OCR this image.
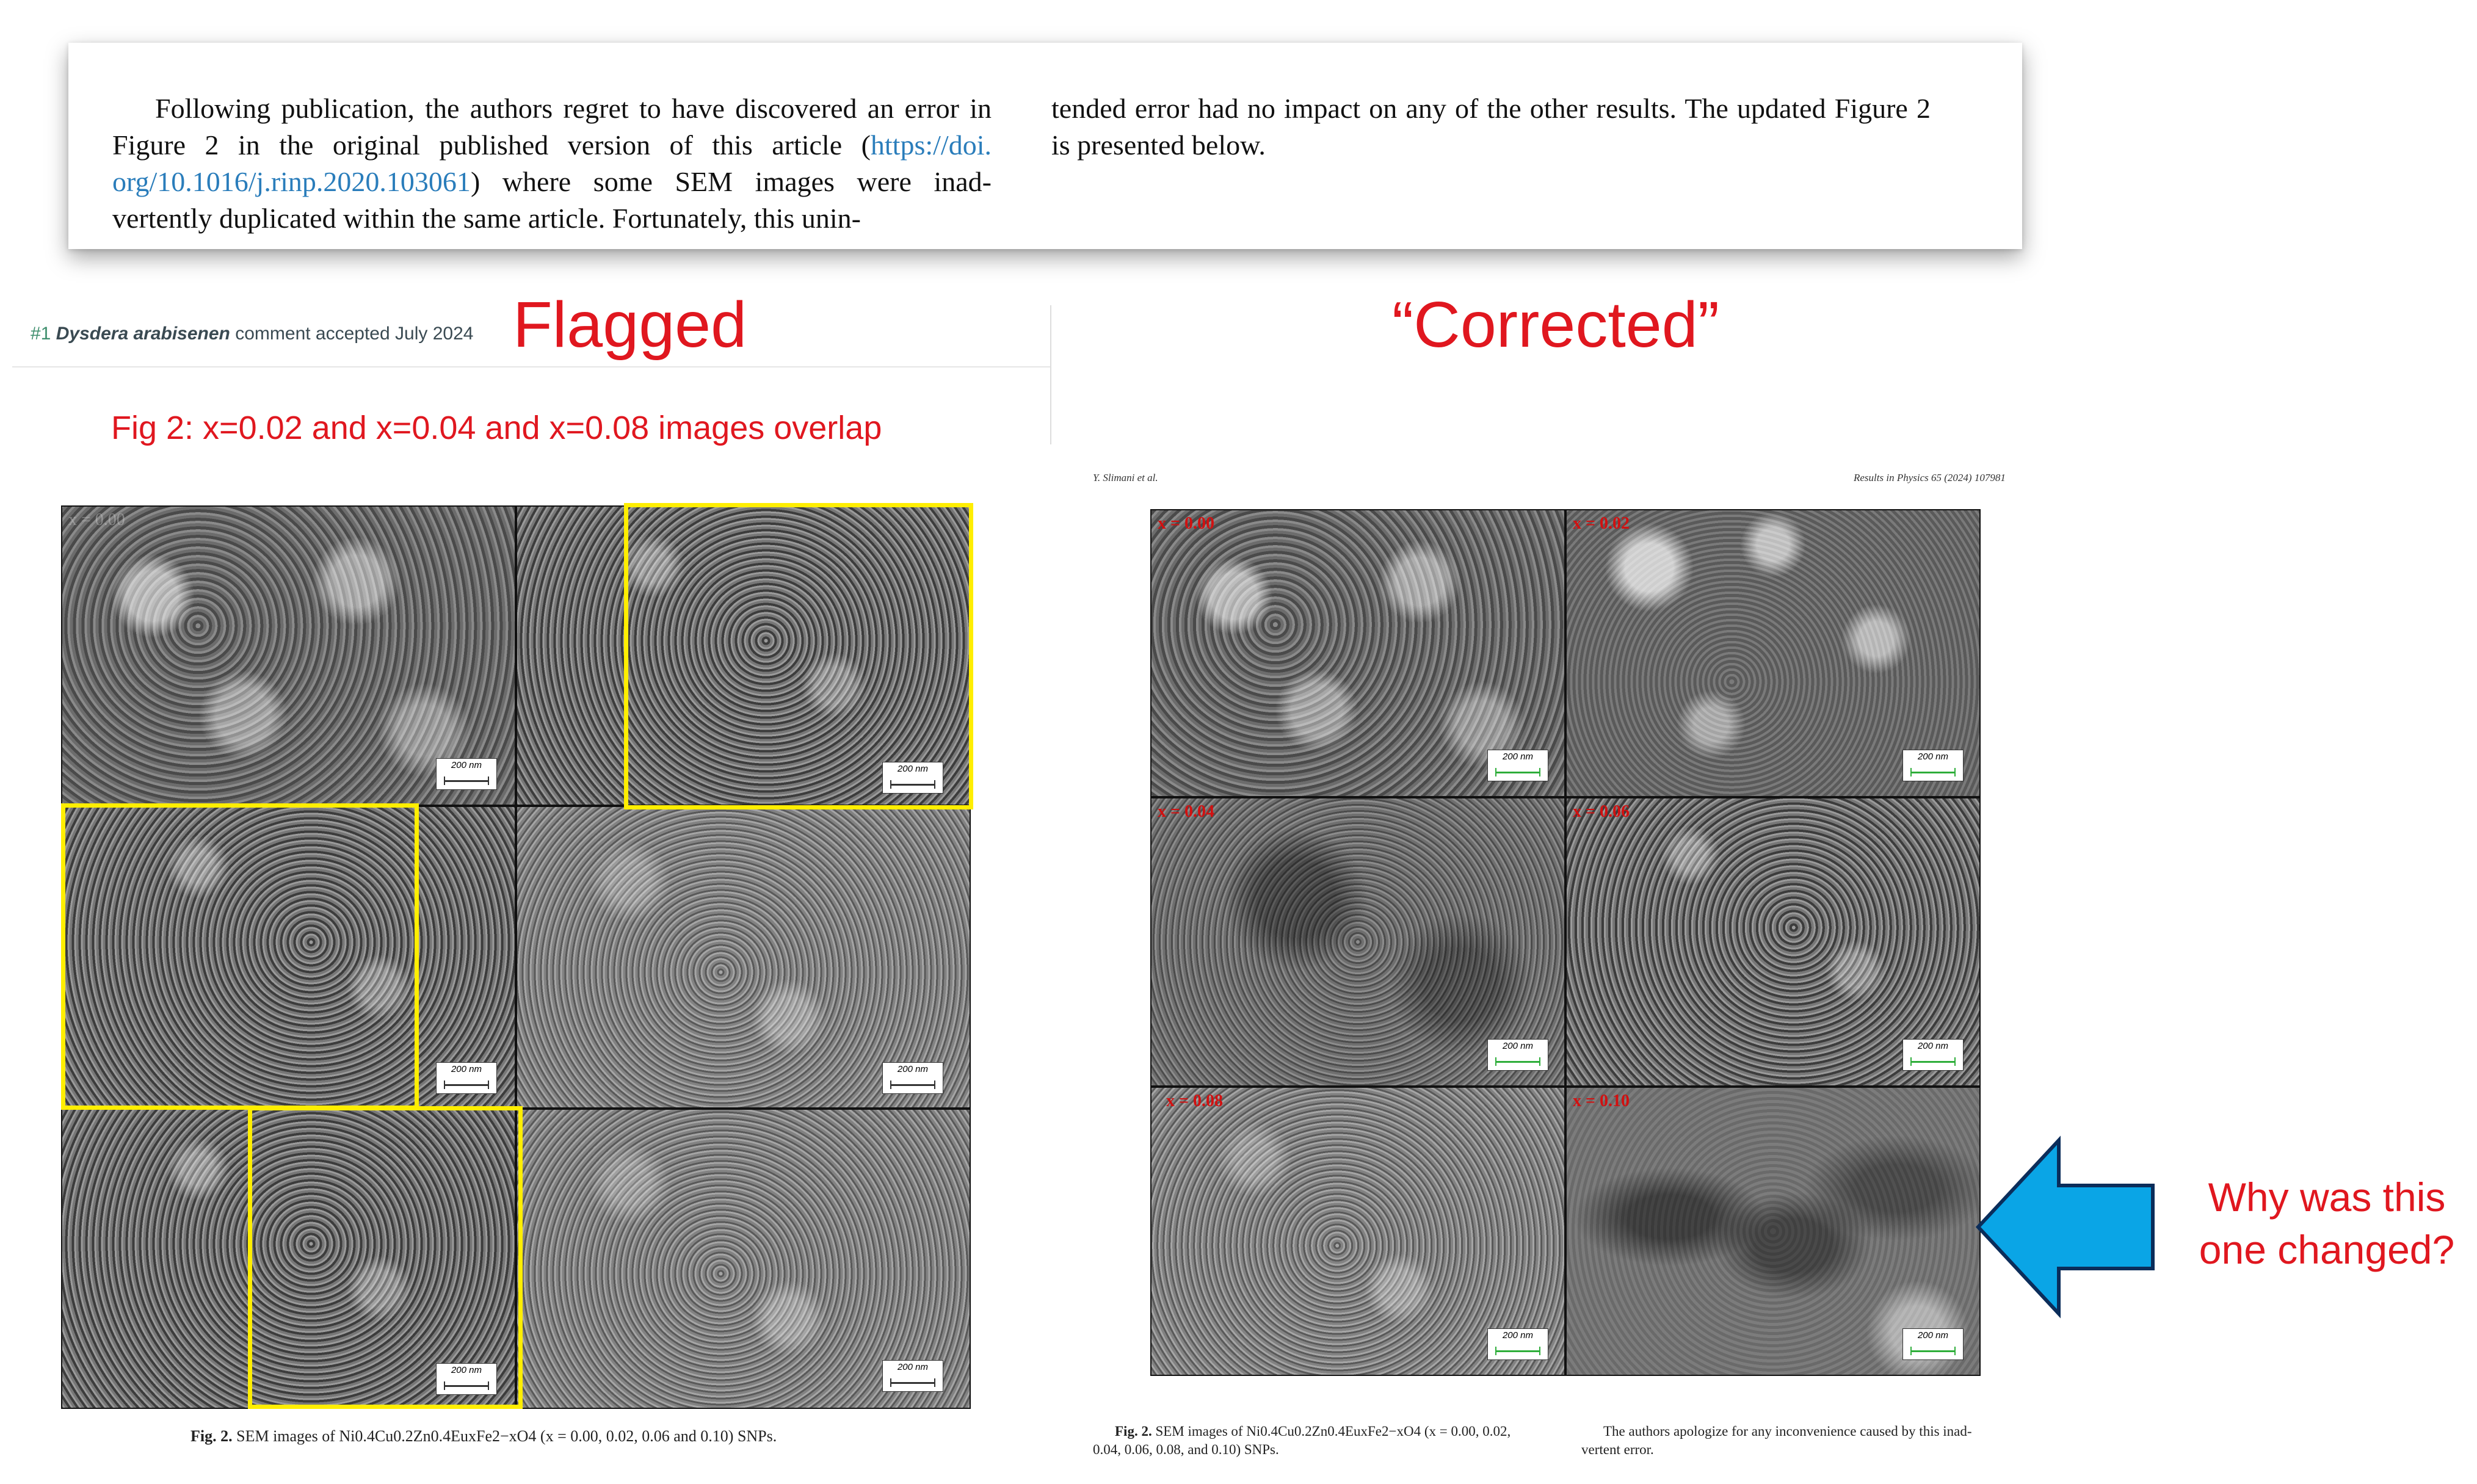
Following publication, the authors regret to have discovered an error in Figure 2 in the original published version of this article (https://doi. org/10.1016/j.rinp.2020.103061) where some SEM images were inad- vertently duplicated within the same article. Fortunately, this unin-
tended error had no impact on any of the other results. The updated Figure 2 is presented below.
#1 Dysdera arabisenen comment accepted July 2024 Flagged	“Corrected”
Fig 2: x=0.02 and x=0.04 and x=0.08 images overlap
x = 0.00
200 nm	200 nm
200 nm	200 nm
200 nm	200 nm
Fig. 2. SEM images of Ni0.4Cu0.2Zn0.4EuxFe2−xO4 (x = 0.00, 0.02, 0.06 and 0.10) SNPs.
Y. Slimani et al.	Results in Physics 65 (2024) 107981
x = 0.00
200 nm
x = 0.02
200 nm
x = 0.04
200 nm
x = 0.06
200 nm
x = 0.08
200 nm
x = 0.10
200 nm
Fig. 2. SEM images of Ni0.4Cu0.2Zn0.4EuxFe2−xO4 (x = 0.00, 0.02,
0.04, 0.06, 0.08, and 0.10) SNPs.
The authors apologize for any inconvenience caused by this inad-
vertent error.
Why was this
one changed?
